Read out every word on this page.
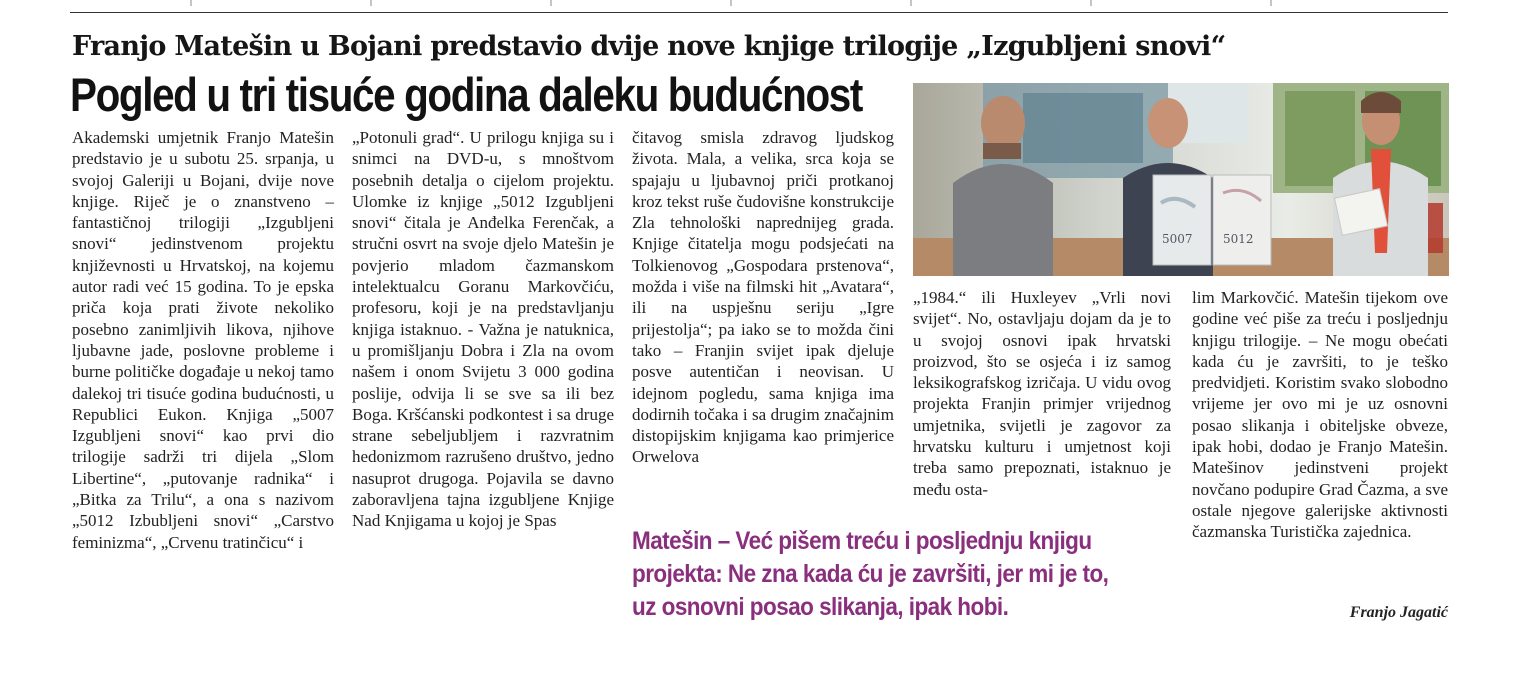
Franjo Matešin u Bojani predstavio dvije nove knjige trilogije „Izgubljeni snovi“
Pogled u tri tisuće godina daleku budućnost

Akademski umjetnik Franjo Matešin predstavio je u subotu 25. srpanja, u svojoj Galeriji u Bojani, dvije nove knjige. Riječ je o znanstveno – fantastičnoj trilogiji „Izgubljeni snovi“ jedinstvenom projektu književnosti u Hrvatskoj, na kojemu autor radi već 15 godina. To je epska priča koja prati živote nekoliko posebno zanimljivih likova, njihove ljubavne jade, poslovne probleme i burne političke događaje u nekoj tamo dalekoj tri tisuće godina budućnosti, u Republici Eukon. Knjiga „5007 Izgubljeni snovi“ kao prvi dio trilogije sadrži tri dijela „Slom Libertine“, „putovanje radnika“ i „Bitka za Trilu“, a ona s nazivom „5012 Izbubljeni snovi“ „Carstvo feminizma“, „Crvenu tratinčicu“ i

„Potonuli grad“. U prilogu knjiga su i snimci na DVD-u, s mnoštvom posebnih detalja o cijelom projektu. Ulomke iz knjige „5012 Izgubljeni snovi“ čitala je Anđelka Ferenčak, a stručni osvrt na svoje djelo Matešin je povjerio mladom čazmanskom intelektualcu Goranu Markovčiću, profesoru, koji je na predstavljanju knjiga istaknuo. - Važna je natuknica, u promišljanju Dobra i Zla na ovom našem i onom Svijetu 3 000 godina poslije, odvija li se sve sa ili bez Boga. Kršćanski podkontest i sa druge strane sebeljubljem i razvratnim hedonizmom razrušeno društvo, jedno nasuprot drugoga. Pojavila se davno zaboravljena tajna izgubljene Knjige Nad Knjigama u kojoj je Spas

čitavog smisla zdravog ljudskog života. Mala, a velika, srca koja se spajaju u ljubavnoj priči protkanoj kroz tekst ruše čudovišne konstrukcije Zla tehnološki naprednijeg grada. Knjige čitatelja mogu podsjećati na Tolkienovog „Gospodara prstenova“, možda i više na filmski hit „Avatara“, ili na uspješnu seriju „Igre prijestolja“; pa iako se to možda čini tako – Franjin svijet ipak djeluje posve autentičan i neovisan. U idejnom pogledu, sama knjiga ima dodirnih točaka i sa drugim značajnim distopijskim knjigama kao primjerice Orwelova

„1984.“ ili Huxleyev „Vrli novi svijet“. No, ostavljaju dojam da je to u svojoj osnovi ipak hrvatski proizvod, što se osjeća i iz samog leksikografskog izričaja. U vidu ovog projekta Franjin primjer vrijednog umjetnika, svijetli je zagovor za hrvatsku kulturu i umjetnost koji treba samo prepoznati, istaknuo je među osta-

lim Markovčić. Matešin tijekom ove godine već piše za treću i posljednju knjigu trilogije. – Ne mogu obećati kada ću je završiti, to je teško predvidjeti. Koristim svako slobodno vrijeme jer ovo mi je uz osnovni posao slikanja i obiteljske obveze, ipak hobi, dodao je Franjo Matešin. Matešinov jedinstveni projekt novčano podupire Grad Čazma, a sve ostale njegove galerijske aktivnosti čazmanska Turistička zajednica.

5007	5012
Matešin – Već pišem treću i posljednju knjigu projekta: Ne zna kada ću je završiti, jer mi je to, uz osnovni posao slikanja, ipak hobi.	Franjo Jagatić
